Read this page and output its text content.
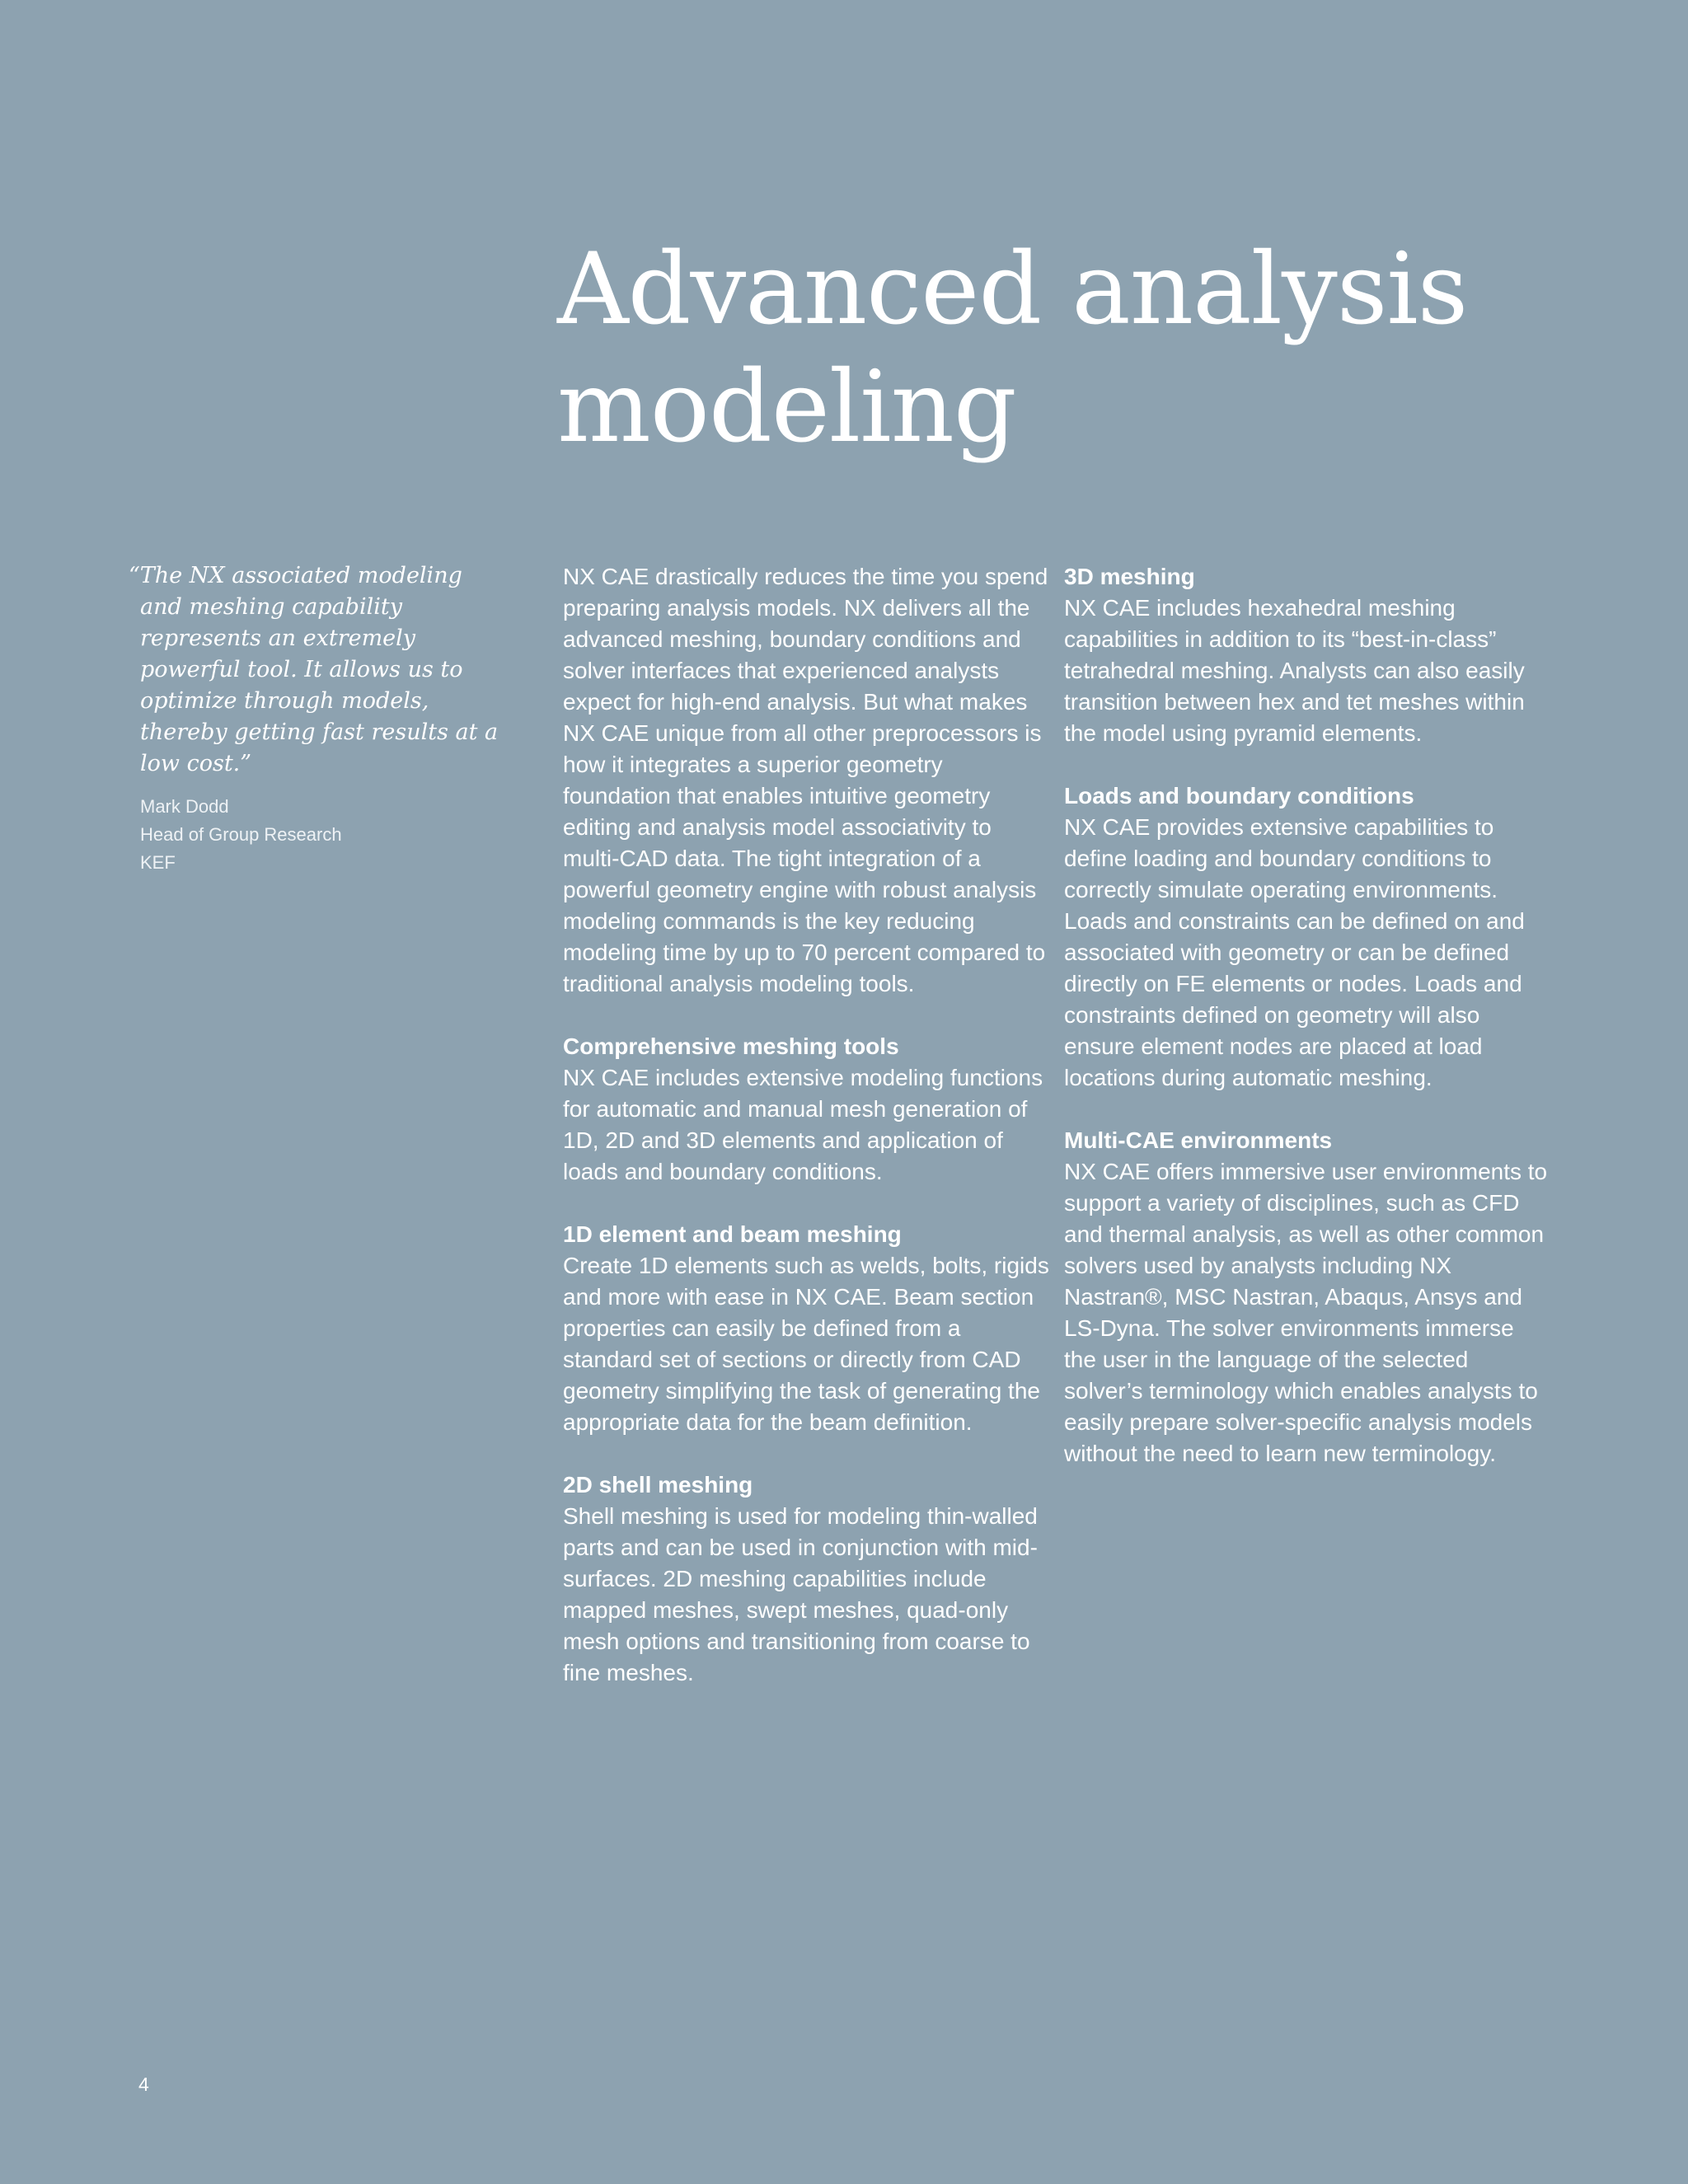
Advanced analysis
modeling

“The NX associated modeling and meshing capability represents an extremely powerful tool. It allows us to optimize through models, thereby getting fast results at a low cost.”

Mark Dodd
Head of Group Research
KEF

NX CAE drastically reduces the time you spend preparing analysis models. NX delivers all the advanced meshing, boundary conditions and solver interfaces that experienced analysts expect for high-end analysis. But what makes NX CAE unique from all other preprocessors is how it integrates a superior geometry foundation that enables intuitive geometry editing and analysis model associativity to multi-CAD data. The tight integration of a powerful geometry engine with robust analysis modeling commands is the key reducing modeling time by up to 70 percent compared to traditional analysis modeling tools.

Comprehensive meshing tools

NX CAE includes extensive modeling functions for automatic and manual mesh generation of 1D, 2D and 3D elements and application of loads and boundary conditions.

1D element and beam meshing

Create 1D elements such as welds, bolts, rigids and more with ease in NX CAE. Beam section properties can easily be defined from a standard set of sections or directly from CAD geometry simplifying the task of generating the appropriate data for the beam definition.

2D shell meshing

Shell meshing is used for modeling thin-walled parts and can be used in conjunction with mid-surfaces. 2D meshing capabilities include mapped meshes, swept meshes, quad-only mesh options and transitioning from coarse to fine meshes.

3D meshing

NX CAE includes hexahedral meshing capabilities in addition to its “best-in-class” tetrahedral meshing. Analysts can also easily transition between hex and tet meshes within the model using pyramid elements.

Loads and boundary conditions

NX CAE provides extensive capabilities to define loading and boundary conditions to correctly simulate operating environments. Loads and constraints can be defined on and associated with geometry or can be defined directly on FE elements or nodes. Loads and constraints defined on geometry will also ensure element nodes are placed at load locations during automatic meshing.

Multi-CAE environments

NX CAE offers immersive user environments to support a variety of disciplines, such as CFD and thermal analysis, as well as other common solvers used by analysts including NX Nastran®, MSC Nastran, Abaqus, Ansys and LS-Dyna. The solver environments immerse the user in the language of the selected solver’s terminology which enables analysts to easily prepare solver-specific analysis models without the need to learn new terminology.

4
